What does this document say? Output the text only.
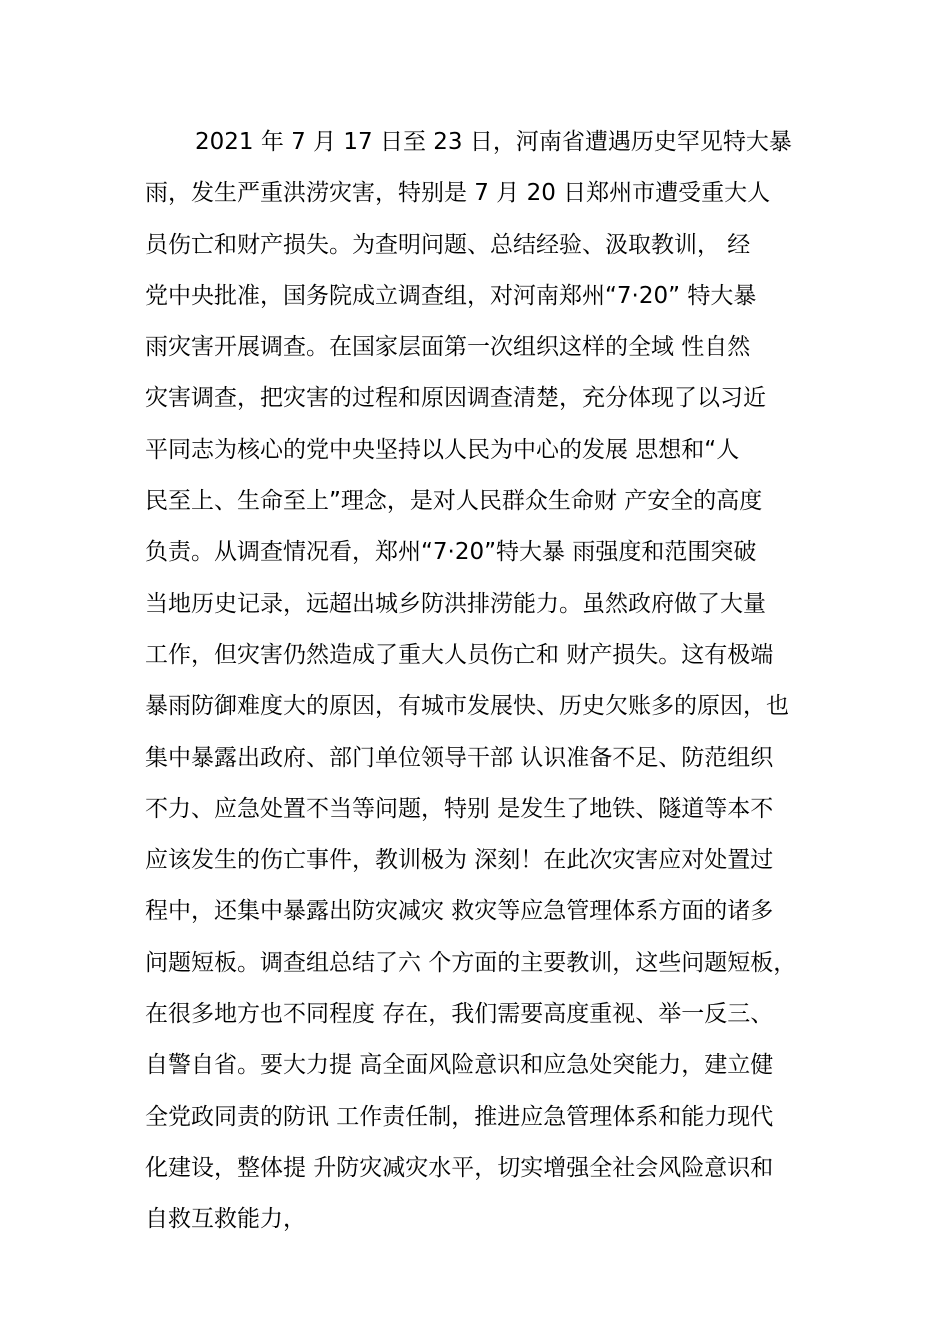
2021 年 7 月 17 日至 23 日，河南省遭遇历史罕见特大暴
雨，发生严重洪涝灾害，特别是 7 月 20 日郑州市遭受重大人
员伤亡和财产损失。为查明问题、总结经验、汲取教训， 经
党中央批准，国务院成立调查组，对河南郑州“7·20” 特大暴
雨灾害开展调查。在国家层面第一次组织这样的全域 性自然
灾害调查，把灾害的过程和原因调查清楚，充分体现了以习近
平同志为核心的党中央坚持以人民为中心的发展 思想和“人
民至上、生命至上”理念，是对人民群众生命财 产安全的高度
负责。从调查情况看，郑州“7·20”特大暴 雨强度和范围突破
当地历史记录，远超出城乡防洪排涝能力。虽然政府做了大量
工作，但灾害仍然造成了重大人员伤亡和 财产损失。这有极端
暴雨防御难度大的原因，有城市发展快、历史欠账多的原因，也
集中暴露出政府、部门单位领导干部 认识准备不足、防范组织
不力、应急处置不当等问题，特别 是发生了地铁、隧道等本不
应该发生的伤亡事件，教训极为 深刻！在此次灾害应对处置过
程中，还集中暴露出防灾减灾 救灾等应急管理体系方面的诸多
问题短板。调查组总结了六 个方面的主要教训，这些问题短板，
在很多地方也不同程度 存在，我们需要高度重视、举一反三、
自警自省。要大力提 高全面风险意识和应急处突能力，建立健
全党政同责的防讯 工作责任制，推进应急管理体系和能力现代
化建设，整体提 升防灾减灾水平，切实增强全社会风险意识和
自救互救能力，
